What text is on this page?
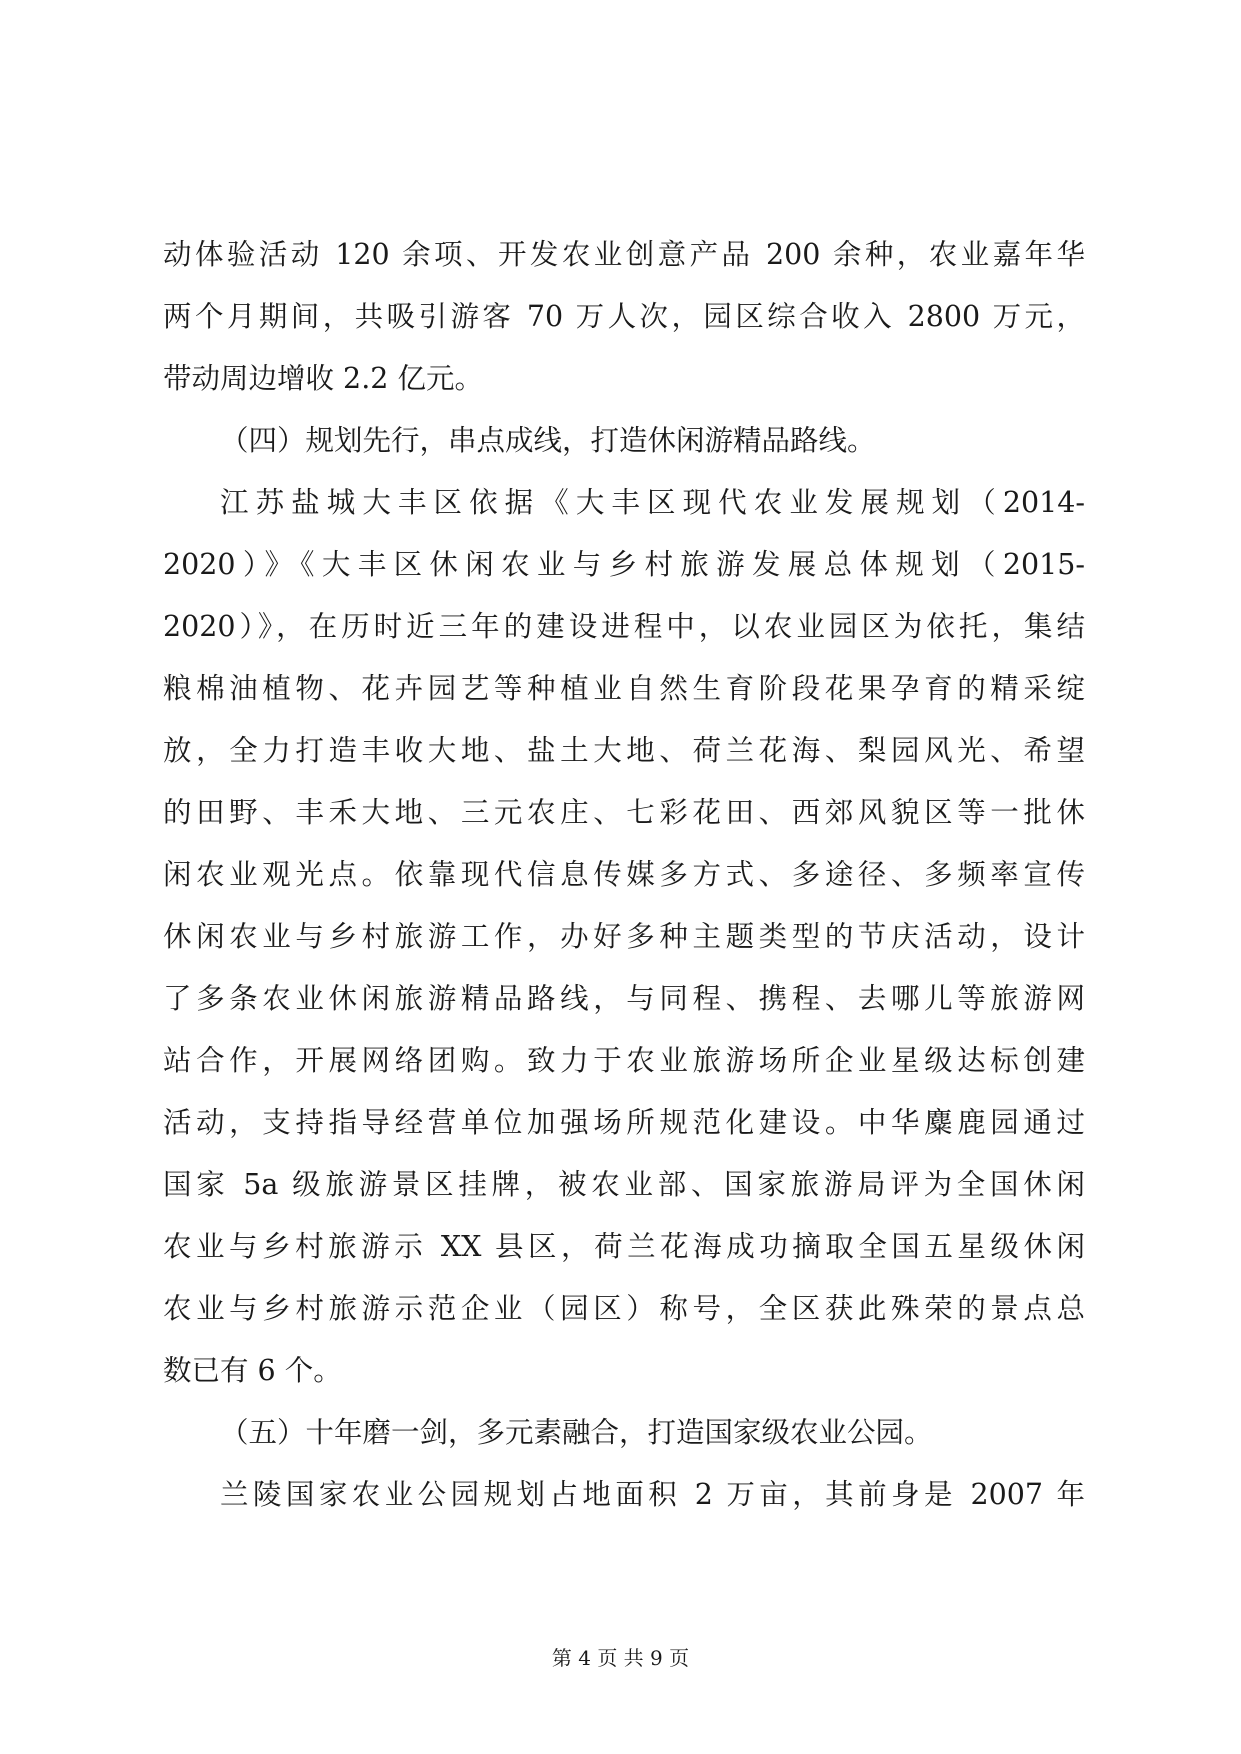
动体验活动 120 余项、开发农业创意产品 200 余种，农业嘉年华
两个月期间，共吸引游客 70 万人次，园区综合收入 2800 万元，
带动周边增收 2.2 亿元。
（四）规划先行，串点成线，打造休闲游精品路线。
江苏盐城大丰区依据《大丰区现代农业发展规划（2014-
2020）》《大丰区休闲农业与乡村旅游发展总体规划（2015-
2020）》，在历时近三年的建设进程中，以农业园区为依托，集结
粮棉油植物、花卉园艺等种植业自然生育阶段花果孕育的精采绽
放，全力打造丰收大地、盐土大地、荷兰花海、梨园风光、希望
的田野、丰禾大地、三元农庄、七彩花田、西郊风貌区等一批休
闲农业观光点。依靠现代信息传媒多方式、多途径、多频率宣传
休闲农业与乡村旅游工作，办好多种主题类型的节庆活动，设计
了多条农业休闲旅游精品路线，与同程、携程、去哪儿等旅游网
站合作，开展网络团购。致力于农业旅游场所企业星级达标创建
活动，支持指导经营单位加强场所规范化建设。中华麋鹿园通过
国家 5a 级旅游景区挂牌，被农业部、国家旅游局评为全国休闲
农业与乡村旅游示 XX 县区，荷兰花海成功摘取全国五星级休闲
农业与乡村旅游示范企业（园区）称号，全区获此殊荣的景点总
数已有 6 个。
（五）十年磨一剑，多元素融合，打造国家级农业公园。
兰陵国家农业公园规划占地面积 2 万亩，其前身是 2007 年
第 4 页 共 9 页
